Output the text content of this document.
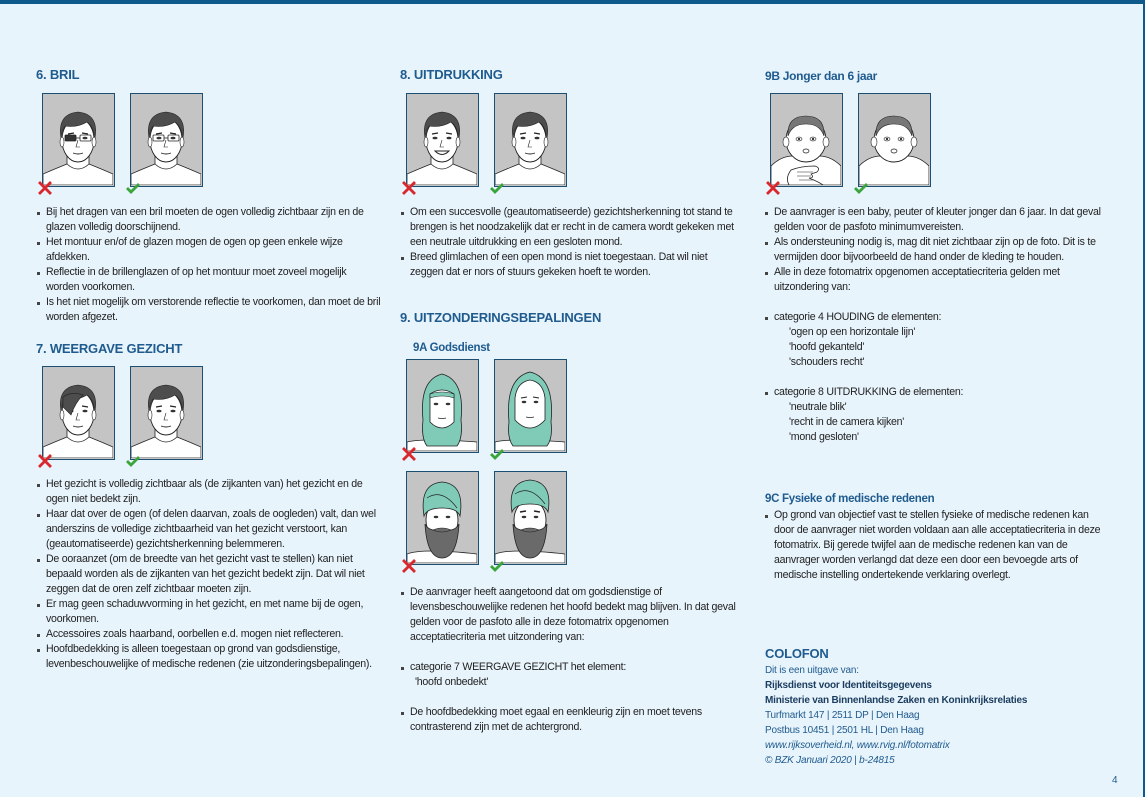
6. BRIL
Bij het dragen van een bril moeten de ogen volledig zichtbaar zijn en de glazen volledig doorschijnend.
Het montuur en/of de glazen mogen de ogen op geen enkele wijze afdekken.
Reflectie in de brillenglazen of op het montuur moet zoveel mogelijk worden voorkomen.
Is het niet mogelijk om verstorende reflectie te voorkomen, dan moet de bril worden afgezet.
7. WEERGAVE GEZICHT
Het gezicht is volledig zichtbaar als (de zijkanten van) het gezicht en de ogen niet bedekt zijn.
Haar dat over de ogen (of delen daarvan, zoals de oogleden) valt, dan wel anderszins de volledige zichtbaarheid van het gezicht verstoort, kan (geautomatiseerde) gezichtsherkenning belemmeren.
De ooraanzet (om de breedte van het gezicht vast te stellen) kan niet bepaald worden als de zijkanten van het gezicht bedekt zijn. Dat wil niet zeggen dat de oren zelf zichtbaar moeten zijn.
Er mag geen schaduwvorming in het gezicht, en met name bij de ogen, voorkomen.
Accessoires zoals haarband, oorbellen e.d. mogen niet reflecteren.
Hoofdbedekking is alleen toegestaan op grond van godsdienstige, levenbeschouwelijke of medische redenen (zie uitzonderingsbepalingen).
8. UITDRUKKING
Om een succesvolle (geautomatiseerde) gezichtsherkenning tot stand te brengen is het noodzakelijk dat er recht in de camera wordt gekeken met een neutrale uitdrukking en een gesloten mond.
Breed glimlachen of een open mond is niet toegestaan. Dat wil niet zeggen dat er nors of stuurs gekeken hoeft te worden.
9. UITZONDERINGSBEPALINGEN
9A Godsdienst
De aanvrager heeft aangetoond dat om godsdienstige of levensbeschouwelijke redenen het hoofd bedekt mag blijven. In dat geval gelden voor de pasfoto alle in deze fotomatrix opgenomen acceptatiecriteria met uitzondering van:
categorie 7 WEERGAVE GEZICHT het element:
'hoofd onbedekt'
De hoofdbedekking moet egaal en eenkleurig zijn en moet tevens contrasterend zijn met de achtergrond.
9B Jonger dan 6 jaar
De aanvrager is een baby, peuter of kleuter jonger dan 6 jaar. In dat geval gelden voor de pasfoto minimumvereisten.
Als ondersteuning nodig is, mag dit niet zichtbaar zijn op de foto. Dit is te vermijden door bijvoorbeeld de hand onder de kleding te houden.
Alle in deze fotomatrix opgenomen acceptatiecriteria gelden met uitzondering van:
categorie 4 HOUDING de elementen:
'ogen op een horizontale lijn'
'hoofd gekanteld'
'schouders recht'
categorie 8 UITDRUKKING de elementen:
'neutrale blik'
'recht in de camera kijken'
'mond gesloten'
9C Fysieke of medische redenen
Op grond van objectief vast te stellen fysieke of medische redenen kan door de aanvrager niet worden voldaan aan alle acceptatiecriteria in deze fotomatrix. Bij gerede twijfel aan de medische redenen kan van de aanvrager worden verlangd dat deze een door een bevoegde arts of medische instelling ondertekende verklaring overlegt.
COLOFON
Dit is een uitgave van:
Rijksdienst voor Identiteitsgegevens
Ministerie van Binnenlandse Zaken en Koninkrijksrelaties
Turfmarkt 147 | 2511 DP | Den Haag
Postbus 10451 | 2501 HL | Den Haag
www.rijksoverheid.nl, www.rvig.nl/fotomatrix
© BZK Januari 2020 | b-24815
4
